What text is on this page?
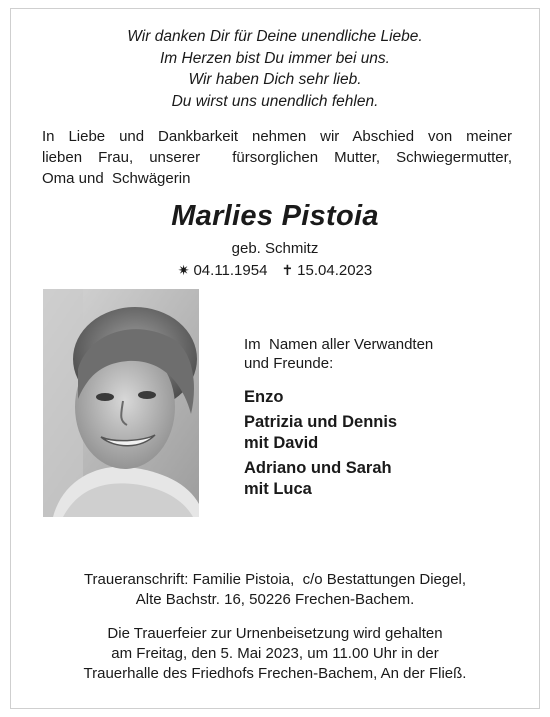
Wir danken Dir für Deine unendliche Liebe.
Im Herzen bist Du immer bei uns.
Wir haben Dich sehr lieb.
Du wirst uns unendlich fehlen.
In Liebe und Dankbarkeit nehmen wir Abschied von meiner
lieben Frau, unserer  fürsorglichen Mutter, Schwiegermutter,
Oma und  Schwägerin
Marlies Pistoia
geb. Schmitz
✷ 04.11.1954 ✝ 15.04.2023
Im  Namen aller Verwandten
und Freunde:
Enzo
Patrizia und Dennis
mit David
Adriano und Sarah
mit Luca
Traueranschrift: Familie Pistoia,  c/o Bestattungen Diegel,
Alte Bachstr. 16, 50226 Frechen-Bachem.
Die Trauerfeier zur Urnenbeisetzung wird gehalten
am Freitag, den 5. Mai 2023, um 11.00 Uhr in der
Trauerhalle des Friedhofs Frechen-Bachem, An der Fließ.
